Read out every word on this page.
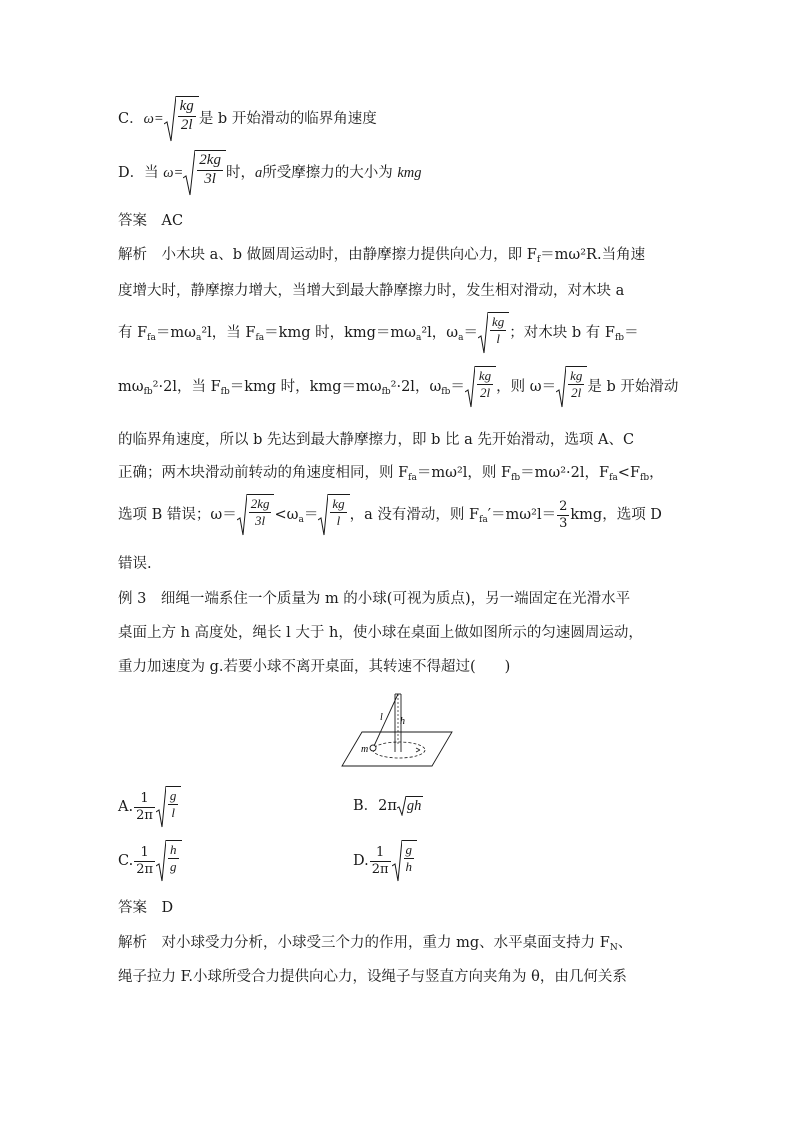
C．$\omega= \frac{kg}{2l}$ 是 b 开始滑动的临界角速度
D．当 $\omega= \frac{2kg}{3l}$ 时，a所受摩擦力的大小为 kmg
答案　 AC
解析　小木块 a、b 做圆周运动时，由静摩擦力提供向心力，即 $F_f=m\omega^2R$.当角速
度增大时，静摩擦力增大，当增大到最大静摩擦力时，发生相对滑动，对木块 a
有 $F_{fa}=m\omega_a^2l$，当 $F_{fa}=kmg$ 时，$kmg=m\omega_a^2l$，$\omega_a= \frac{kg}{l}$ ；对木块 b 有 $F_{fb}=$
$m\omega_{fb}^2\cdot 2l$，当 $F_{fb}=kmg$ 时，$kmg=m\omega_{fb}^2\cdot 2l$，$\omega_{fb}= \frac{kg}{2l}$ ，则 $\omega= \frac{kg}{2l}$ 是 b 开始滑动
的临界角速度，所以 b 先达到最大静摩擦力，即 b 比 a 先开始滑动，选项 A、C
正确；两木块滑动前转动的角速度相同，则 $F_{fa}=m\omega^2l$，则 $F_{fb}=m\omega^2\cdot 2l$，$F_{fa}<F_{fb}$，
选项 B 错误；$\omega= \frac{2kg}{3l} <\omega_a= \frac{kg}{l}$ ，a 没有滑动，则 $F_{fa}'=m\omega^2l= \frac{2}{3}$ kmg，选项 D
错误.
例 3　细绳一端系住一个质量为 m 的小球(可视为质点)，另一端固定在光滑水平
桌面上方 h 高度处，绳长 l 大于 h，使小球在桌面上做如图所示的匀速圆周运动，
重力加速度为 g.若要小球不离开桌面，其转速不得超过(　　)
l h
m
A. $\frac{1}{2\pi} \frac{g}{l}$	B．2π gh
C. $\frac{1}{2\pi} \frac{h}{g}$	D. $\frac{1}{2\pi} \frac{g}{h}$
答案　 D
解析　对小球受力分析，小球受三个力的作用，重力 mg、水平桌面支持力 $F_N$、
绳子拉力 F.小球所受合力提供向心力，设绳子与竖直方向夹角为 θ，由几何关系
